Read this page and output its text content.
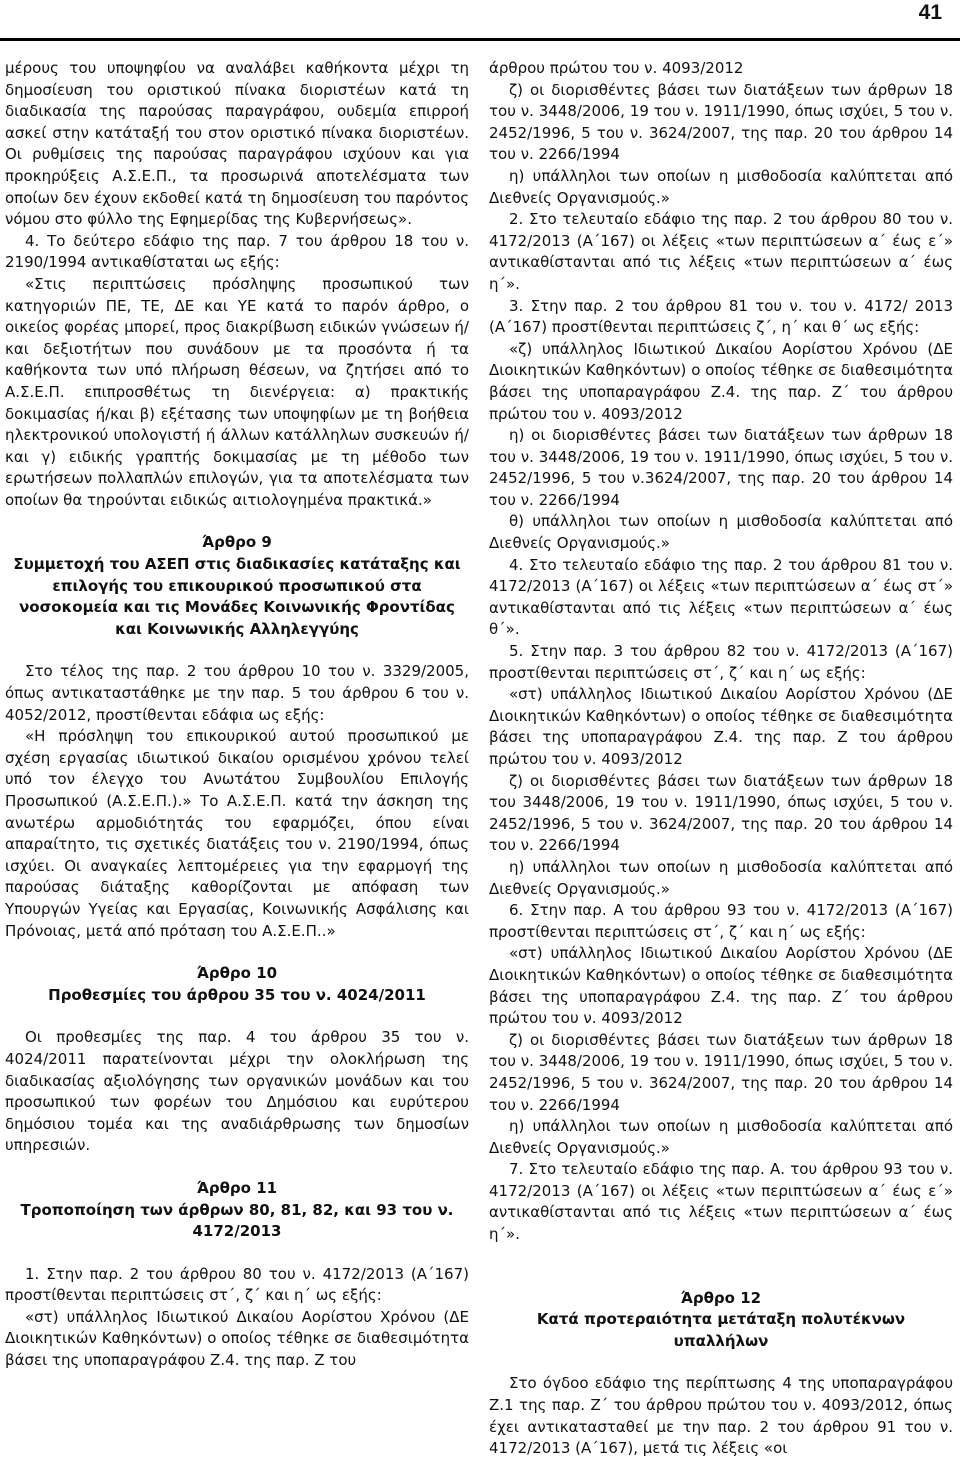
41

μέρους του υποψηφίου να αναλάβει καθήκοντα μέχρι τη δημοσίευση του οριστικού πίνακα διοριστέων κατά τη διαδικασία της παρούσας παραγράφου, ουδεμία επιρροή ασκεί στην κατάταξή του στον οριστικό πίνακα διοριστέων. Οι ρυθμίσεις της παρούσας παραγράφου ισχύουν και για προκηρύξεις Α.Σ.Ε.Π., τα προσωρινά αποτελέσματα των οποίων δεν έχουν εκδοθεί κατά τη δημοσίευση του παρόντος νόμου στο φύλλο της Εφημερίδας της Κυβερνήσεως».

4. Το δεύτερο εδάφιο της παρ. 7 του άρθρου 18 του ν. 2190/1994 αντικαθίσταται ως εξής:

«Στις περιπτώσεις πρόσληψης προσωπικού των κατηγοριών ΠΕ, ΤΕ, ΔΕ και ΥΕ κατά το παρόν άρθρο, ο οικείος φορέας μπορεί, προς διακρίβωση ειδικών γνώσεων ή/και δεξιοτήτων που συνάδουν με τα προσόντα ή τα καθήκοντα των υπό πλήρωση θέσεων, να ζητήσει από το Α.Σ.Ε.Π. επιπροσθέτως τη διενέργεια: α) πρακτικής δοκιμασίας ή/και β) εξέτασης των υποψηφίων με τη βοήθεια ηλεκτρονικού υπολογιστή ή άλλων κατάλληλων συσκευών ή/και γ) ειδικής γραπτής δοκιμασίας με τη μέθοδο των ερωτήσεων πολλαπλών επιλογών, για τα αποτελέσματα των οποίων θα τηρούνται ειδικώς αιτιολογημένα πρακτικά.»

Άρθρο 9

Συμμετοχή του ΑΣΕΠ στις διαδικασίες κατάταξης και επιλογής του επικουρικού προσωπικού στα νοσοκομεία και τις Μονάδες Κοινωνικής Φροντίδας και Κοινωνικής Αλληλεγγύης

Στο τέλος της παρ. 2 του άρθρου 10 του ν. 3329/2005, όπως αντικαταστάθηκε με την παρ. 5 του άρθρου 6 του ν. 4052/2012, προστίθενται εδάφια ως εξής:

«Η πρόσληψη του επικουρικού αυτού προσωπικού με σχέση εργασίας ιδιωτικού δικαίου ορισμένου χρόνου τελεί υπό τον έλεγχο του Ανωτάτου Συμβουλίου Επιλογής Προσωπικού (Α.Σ.Ε.Π.).» Το Α.Σ.Ε.Π. κατά την άσκηση της ανωτέρω αρμοδιότητάς του εφαρμόζει, όπου είναι απαραίτητο, τις σχετικές διατάξεις του ν. 2190/1994, όπως ισχύει. Οι αναγκαίες λεπτομέρειες για την εφαρμογή της παρούσας διάταξης καθορίζονται με απόφαση των Υπουργών Υγείας και Εργασίας, Κοινωνικής Ασφάλισης και Πρόνοιας, μετά από πρόταση του Α.Σ.Ε.Π..»

Άρθρο 10

Προθεσμίες του άρθρου 35 του ν. 4024/2011

Οι προθεσμίες της παρ. 4 του άρθρου 35 του ν. 4024/2011 παρατείνονται μέχρι την ολοκλήρωση της διαδικασίας αξιολόγησης των οργανικών μονάδων και του προσωπικού των φορέων του Δημόσιου και ευρύτερου δημόσιου τομέα και της αναδιάρθρωσης των δημοσίων υπηρεσιών.

Άρθρο 11

Τροποποίηση των άρθρων 80, 81, 82, και 93 του ν. 4172/2013

1. Στην παρ. 2 του άρθρου 80 του ν. 4172/2013 (Α΄167) προστίθενται περιπτώσεις στ΄, ζ΄ και η΄ ως εξής:

«στ) υπάλληλος Ιδιωτικού Δικαίου Αορίστου Χρόνου (ΔΕ Διοικητικών Καθηκόντων) ο οποίος τέθηκε σε διαθεσιμότητα βάσει της υποπαραγράφου Ζ.4. της παρ. Ζ του

άρθρου πρώτου του ν. 4093/2012

ζ) οι διορισθέντες βάσει των διατάξεων των άρθρων 18 του ν. 3448/2006, 19 του ν. 1911/1990, όπως ισχύει, 5 του ν. 2452/1996, 5 του ν. 3624/2007, της παρ. 20 του άρθρου 14 του ν. 2266/1994

η) υπάλληλοι των οποίων η μισθοδοσία καλύπτεται από Διεθνείς Οργανισμούς.»

2. Στο τελευταίο εδάφιο της παρ. 2 του άρθρου 80 του ν. 4172/2013 (Α΄167) οι λέξεις «των περιπτώσεων α΄ έως ε΄» αντικαθίστανται από τις λέξεις «των περιπτώσεων α΄ έως η΄».

3. Στην παρ. 2 του άρθρου 81 του ν. του ν. 4172/ 2013 (Α΄167) προστίθενται περιπτώσεις ζ΄, η΄ και θ΄ ως εξής:

«ζ) υπάλληλος Ιδιωτικού Δικαίου Αορίστου Χρόνου (ΔΕ Διοικητικών Καθηκόντων) ο οποίος τέθηκε σε διαθεσιμότητα βάσει της υποπαραγράφου Ζ.4. της παρ. Ζ΄ του άρθρου πρώτου του ν. 4093/2012

η) οι διορισθέντες βάσει των διατάξεων των άρθρων 18 του ν. 3448/2006, 19 του ν. 1911/1990, όπως ισχύει, 5 του ν. 2452/1996, 5 του ν.3624/2007, της παρ. 20 του άρθρου 14 του ν. 2266/1994

θ) υπάλληλοι των οποίων η μισθοδοσία καλύπτεται από Διεθνείς Οργανισμούς.»

4. Στο τελευταίο εδάφιο της παρ. 2 του άρθρου 81 του ν. 4172/2013 (Α΄167) οι λέξεις «των περιπτώσεων α΄ έως στ΄» αντικαθίστανται από τις λέξεις «των περιπτώσεων α΄ έως θ΄».

5. Στην παρ. 3 του άρθρου 82 του ν. 4172/2013 (Α΄167) προστίθενται περιπτώσεις στ΄, ζ΄ και η΄ ως εξής:

«στ) υπάλληλος Ιδιωτικού Δικαίου Αορίστου Χρόνου (ΔΕ Διοικητικών Καθηκόντων) ο οποίος τέθηκε σε διαθεσιμότητα βάσει της υποπαραγράφου Ζ.4. της παρ. Ζ του άρθρου πρώτου του ν. 4093/2012

ζ) οι διορισθέντες βάσει των διατάξεων των άρθρων 18 του 3448/2006, 19 του ν. 1911/1990, όπως ισχύει, 5 του ν. 2452/1996, 5 του ν. 3624/2007, της παρ. 20 του άρθρου 14 του ν. 2266/1994

η) υπάλληλοι των οποίων η μισθοδοσία καλύπτεται από Διεθνείς Οργανισμούς.»

6. Στην παρ. Α του άρθρου 93 του ν. 4172/2013 (Α΄167) προστίθενται περιπτώσεις στ΄, ζ΄ και η΄ ως εξής:

«στ) υπάλληλος Ιδιωτικού Δικαίου Αορίστου Χρόνου (ΔΕ Διοικητικών Καθηκόντων) ο οποίος τέθηκε σε διαθεσιμότητα βάσει της υποπαραγράφου Ζ.4. της παρ. Ζ΄ του άρθρου πρώτου του ν. 4093/2012

ζ) οι διορισθέντες βάσει των διατάξεων των άρθρων 18 του ν. 3448/2006, 19 του ν. 1911/1990, όπως ισχύει, 5 του ν. 2452/1996, 5 του ν. 3624/2007, της παρ. 20 του άρθρου 14 του ν. 2266/1994

η) υπάλληλοι των οποίων η μισθοδοσία καλύπτεται από Διεθνείς Οργανισμούς.»

7. Στο τελευταίο εδάφιο της παρ. Α. του άρθρου 93 του ν. 4172/2013 (Α΄167) οι λέξεις «των περιπτώσεων α΄ έως ε΄» αντικαθίστανται από τις λέξεις «των περιπτώσεων α΄ έως η΄».

Άρθρο 12

Κατά προτεραιότητα μετάταξη πολυτέκνων υπαλλήλων

Στο όγδοο εδάφιο της περίπτωσης 4 της υποπαραγράφου Ζ.1 της παρ. Ζ΄ του άρθρου πρώτου του ν. 4093/2012, όπως έχει αντικατασταθεί με την παρ. 2 του άρθρου 91 του ν. 4172/2013 (Α΄167), μετά τις λέξεις «οι
